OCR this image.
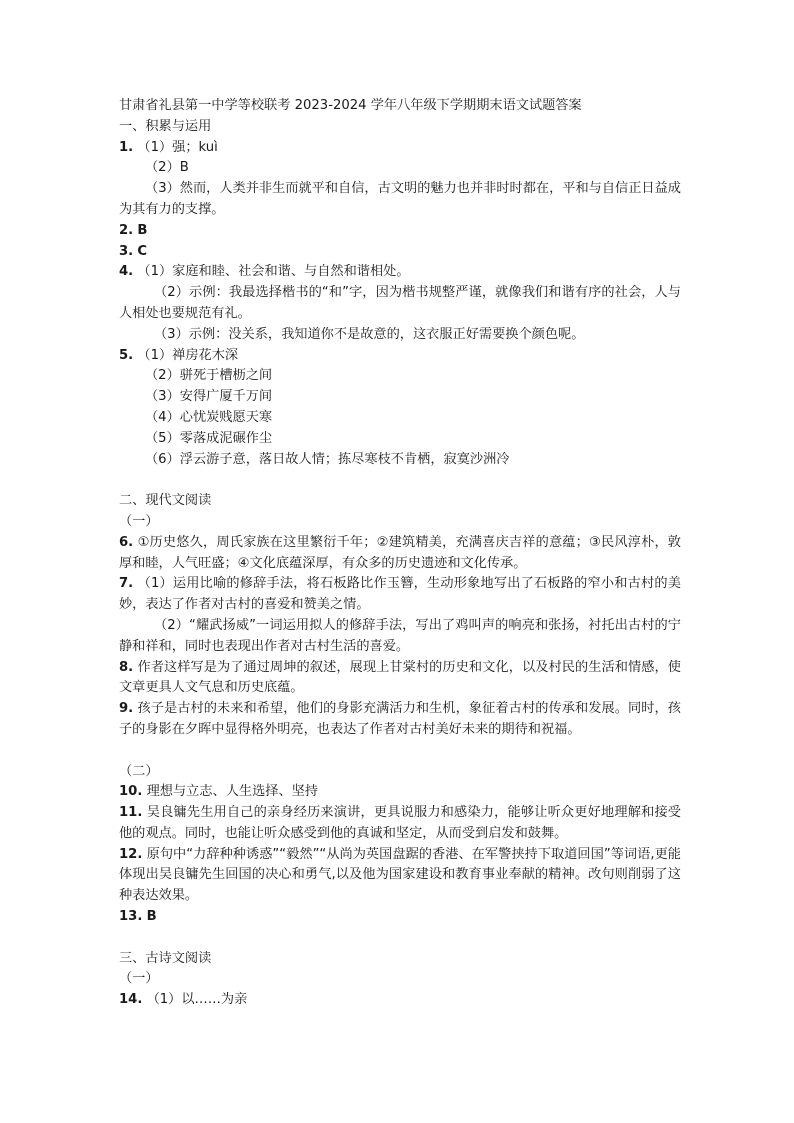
甘肃省礼县第一中学等校联考 2023-2024 学年八年级下学期期末语文试题答案
一、积累与运用
1. （1）强；kuì
（2）B
（3）然而，人类并非生而就平和自信，古文明的魅力也并非时时都在，平和与自信正日益成为其有力的支撑。
2. B
3. C
4. （1）家庭和睦、社会和谐、与自然和谐相处。
（2）示例：我最选择楷书的“和”字，因为楷书规整严谨，就像我们和谐有序的社会，人与人相处也要规范有礼。
（3）示例：没关系，我知道你不是故意的，这衣服正好需要换个颜色呢。
5. （1）禅房花木深
（2）骈死于槽枥之间
（3）安得广厦千万间
（4）心忧炭贱愿天寒
（5）零落成泥碾作尘
（6）浮云游子意，落日故人情；拣尽寒枝不肯栖，寂寞沙洲冷
二、现代文阅读
（一）
6. ①历史悠久，周氏家族在这里繁衍千年；②建筑精美，充满喜庆吉祥的意蕴；③民风淳朴，敦厚和睦，人气旺盛；④文化底蕴深厚，有众多的历史遗迹和文化传承。
7. （1）运用比喻的修辞手法，将石板路比作玉簪，生动形象地写出了石板路的窄小和古村的美妙，表达了作者对古村的喜爱和赞美之情。
（2）“耀武扬威”一词运用拟人的修辞手法，写出了鸡叫声的响亮和张扬，衬托出古村的宁静和祥和，同时也表现出作者对古村生活的喜爱。
8. 作者这样写是为了通过周坤的叙述，展现上甘棠村的历史和文化，以及村民的生活和情感，使文章更具人文气息和历史底蕴。
9. 孩子是古村的未来和希望，他们的身影充满活力和生机，象征着古村的传承和发展。同时，孩子的身影在夕晖中显得格外明亮，也表达了作者对古村美好未来的期待和祝福。
（二）
10. 理想与立志、人生选择、坚持
11. 吴良镛先生用自己的亲身经历来演讲，更具说服力和感染力，能够让听众更好地理解和接受他的观点。同时，也能让听众感受到他的真诚和坚定，从而受到启发和鼓舞。
12. 原句中“力辞种种诱惑”“毅然”“从尚为英国盘踞的香港、在军警挟持下取道回国”等词语,更能体现出吴良镛先生回国的决心和勇气,以及他为国家建设和教育事业奉献的精神。改句则削弱了这种表达效果。
13. B
三、古诗文阅读
（一）
14. （1）以……为亲
